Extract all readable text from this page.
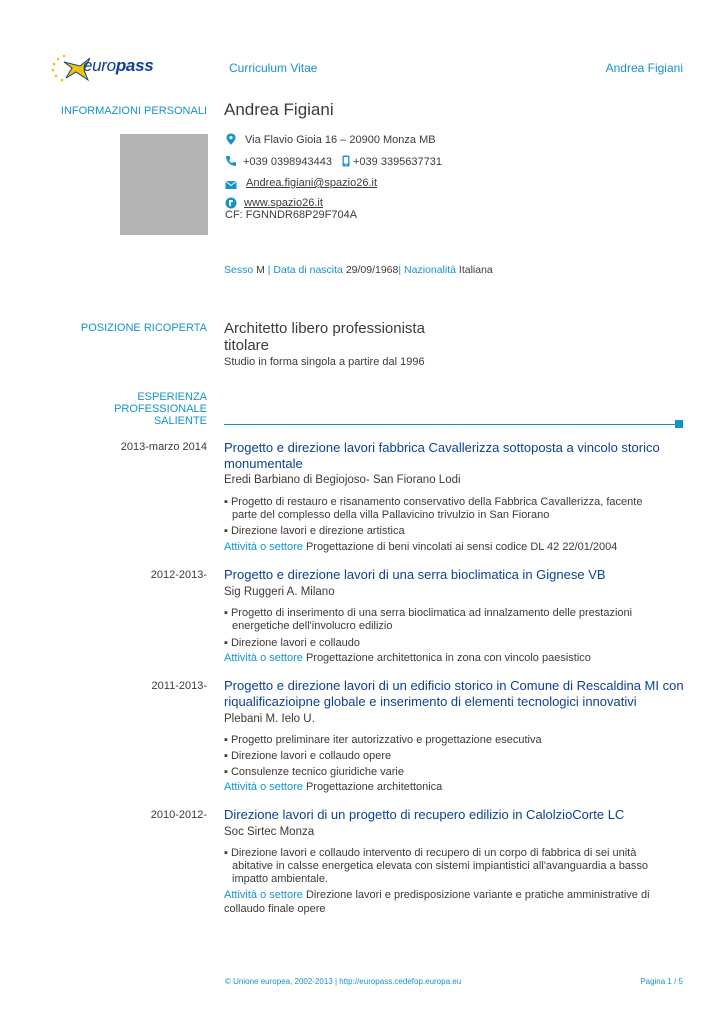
europass	Curriculum Vitae	Andrea Figiani
INFORMAZIONI PERSONALI Andrea Figiani
Via Flavio Gioia 16 – 20900 Monza MB
+039 0398943443 +039 3395637731
Andrea.figiani@spazio26.it
www.spazio26.it
CF: FGNNDR68P29F704A
Sesso M | Data di nascita 29/09/1968| Nazionalità Italiana
POSIZIONE RICOPERTA Architetto libero professionista
titolare
Studio in forma singola a partire dal 1996
ESPERIENZA
PROFESSIONALE
SALIENTE
2013-marzo 2014 Progetto e direzione lavori fabbrica Cavallerizza sottoposta a vincolo storico monumentale
Eredi Barbiano di Begiojoso- San Fiorano Lodi
▪ Progetto di restauro e risanamento conservativo della Fabbrica Cavallerizza, facente
parte del complesso della villa Pallavicino trivulzio in San Fiorano
▪ Direzione lavori e direzione artistica
Attività o settore Progettazione di beni vincolati ai sensi codice DL 42 22/01/2004
2012-2013- Progetto e direzione lavori di una serra bioclimatica in Gignese VB
Sig Ruggeri A. Milano
▪ Progetto di inserimento di una serra bioclimatica ad innalzamento delle prestazioni
energetiche dell'involucro edilizio
▪ Direzione lavori e collaudo
Attività o settore Progettazione architettonica in zona con vincolo paesistico
2011-2013- Progetto e direzione lavori di un edificio storico in Comune di Rescaldina MI con
riqualificazioipne globale e inserimento di elementi tecnologici innovativi
Plebani M. Ielo U.
▪ Progetto preliminare iter autorizzativo e progettazione esecutiva
▪ Direzione lavori e collaudo opere
▪ Consulenze tecnico giuridiche varie
Attività o settore Progettazione architettonica
2010-2012- Direzione lavori di un progetto di recupero edilizio in CalolzioCorte LC
Soc Sirtec Monza
▪ Direzione lavori e collaudo intervento di recupero di un corpo di fabbrica di sei unità
abitative in calsse energetica elevata con sistemi impiantistici all'avanguardia a basso
impatto ambientale.
Attività o settore Direzione lavori e predisposizione variante e pratiche amministrative di
collaudo finale opere
© Unione europea, 2002-2013 | http://europass.cedefop.europa.eu	Pagina 1 / 5
